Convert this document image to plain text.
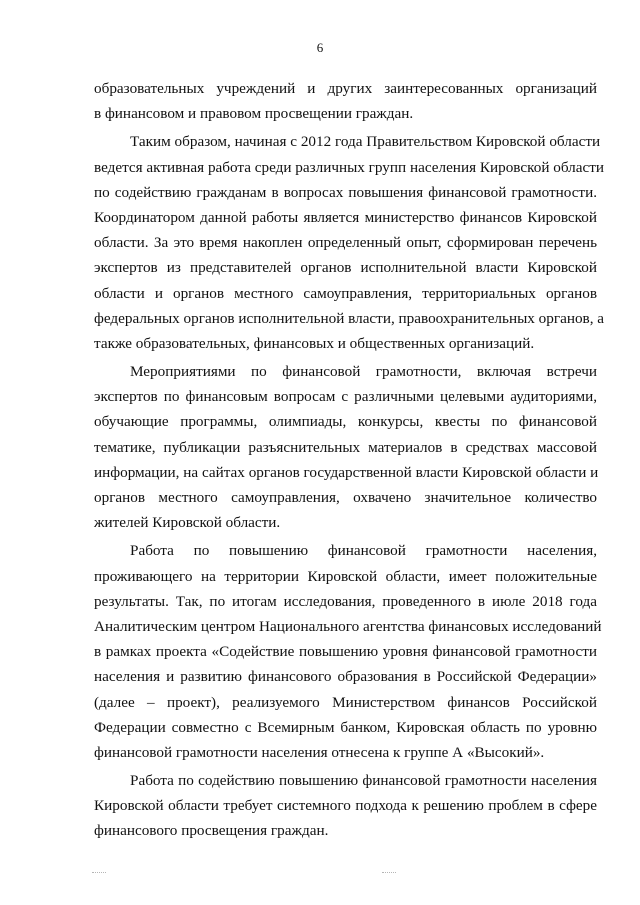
6
образовательных учреждений и других заинтересованных организаций
в финансовом и правовом просвещении граждан.
Таким образом, начиная с 2012 года Правительством Кировской области
ведется активная работа среди различных групп населения Кировской области
по содействию гражданам в вопросах повышения финансовой грамотности.
Координатором данной работы является министерство финансов Кировской
области. За это время накоплен определенный опыт, сформирован перечень
экспертов из представителей органов исполнительной власти Кировской
области и органов местного самоуправления, территориальных органов
федеральных органов исполнительной власти, правоохранительных органов, а
также образовательных, финансовых и общественных организаций.
Мероприятиями по финансовой грамотности, включая встречи
экспертов по финансовым вопросам с различными целевыми аудиториями,
обучающие программы, олимпиады, конкурсы, квесты по финансовой
тематике, публикации разъяснительных материалов в средствах массовой
информации, на сайтах органов государственной власти Кировской области и
органов местного самоуправления, охвачено значительное количество
жителей Кировской области.
Работа по повышению финансовой грамотности населения,
проживающего на территории Кировской области, имеет положительные
результаты. Так, по итогам исследования, проведенного в июле 2018 года
Аналитическим центром Национального агентства финансовых исследований
в рамках проекта «Содействие повышению уровня финансовой грамотности
населения и развитию финансового образования в Российской Федерации»
(далее – проект), реализуемого Министерством финансов Российской
Федерации совместно с Всемирным банком, Кировская область по уровню
финансовой грамотности населения отнесена к группе А «Высокий».
Работа по содействию повышению финансовой грамотности населения
Кировской области требует системного подхода к решению проблем в сфере
финансового просвещения граждан.
